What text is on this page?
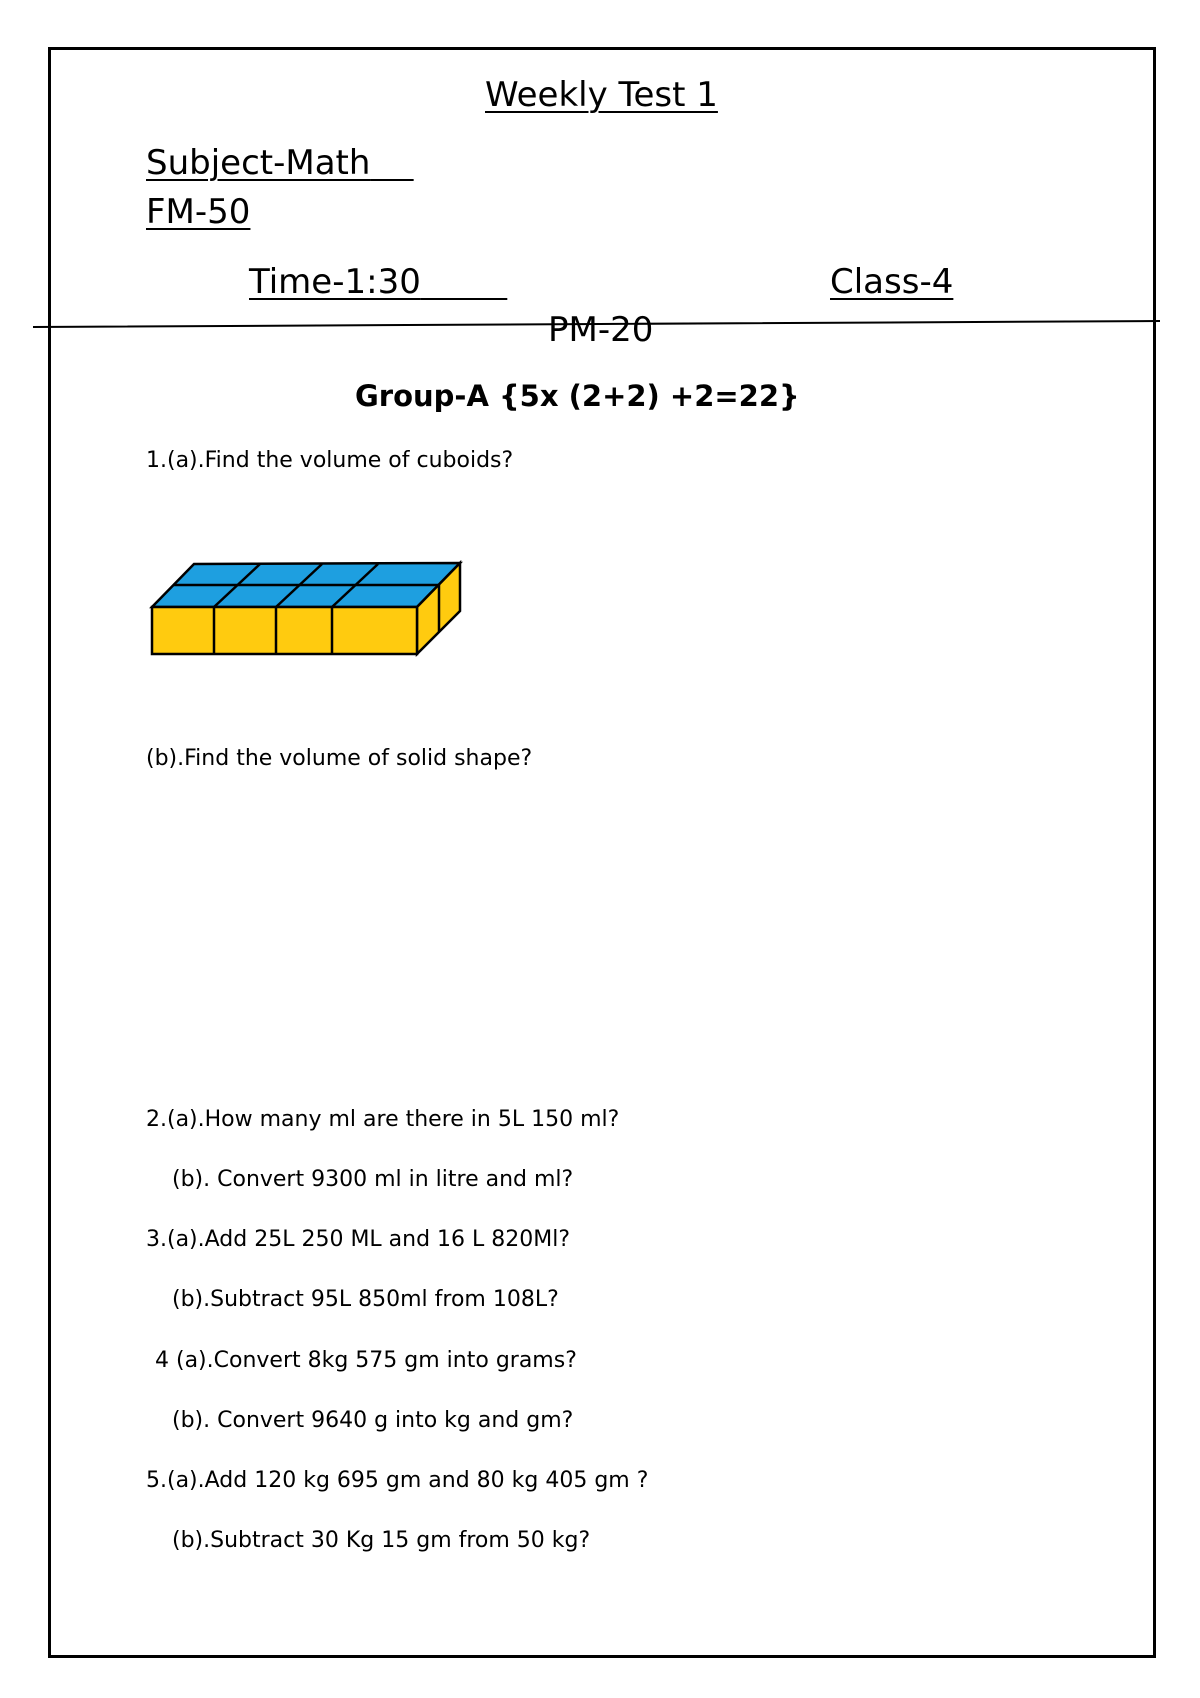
Weekly Test 1
Subject-Math
FM-50
Time-1:30	Class-4
PM-20
Group-A {5x (2+2) +2=22}
1.(a).Find the volume of cuboids?
(b).Find the volume of solid shape?
2.(a).How many ml are there in 5L 150 ml?
(b). Convert 9300 ml in litre and ml?
3.(a).Add 25L 250 ML and 16 L 820Ml?
(b).Subtract 95L 850ml from 108L?
4 (a).Convert 8kg 575 gm into grams?
(b). Convert 9640 g into kg and gm?
5.(a).Add 120 kg 695 gm and 80 kg 405 gm ?
(b).Subtract 30 Kg 15 gm from 50 kg?
